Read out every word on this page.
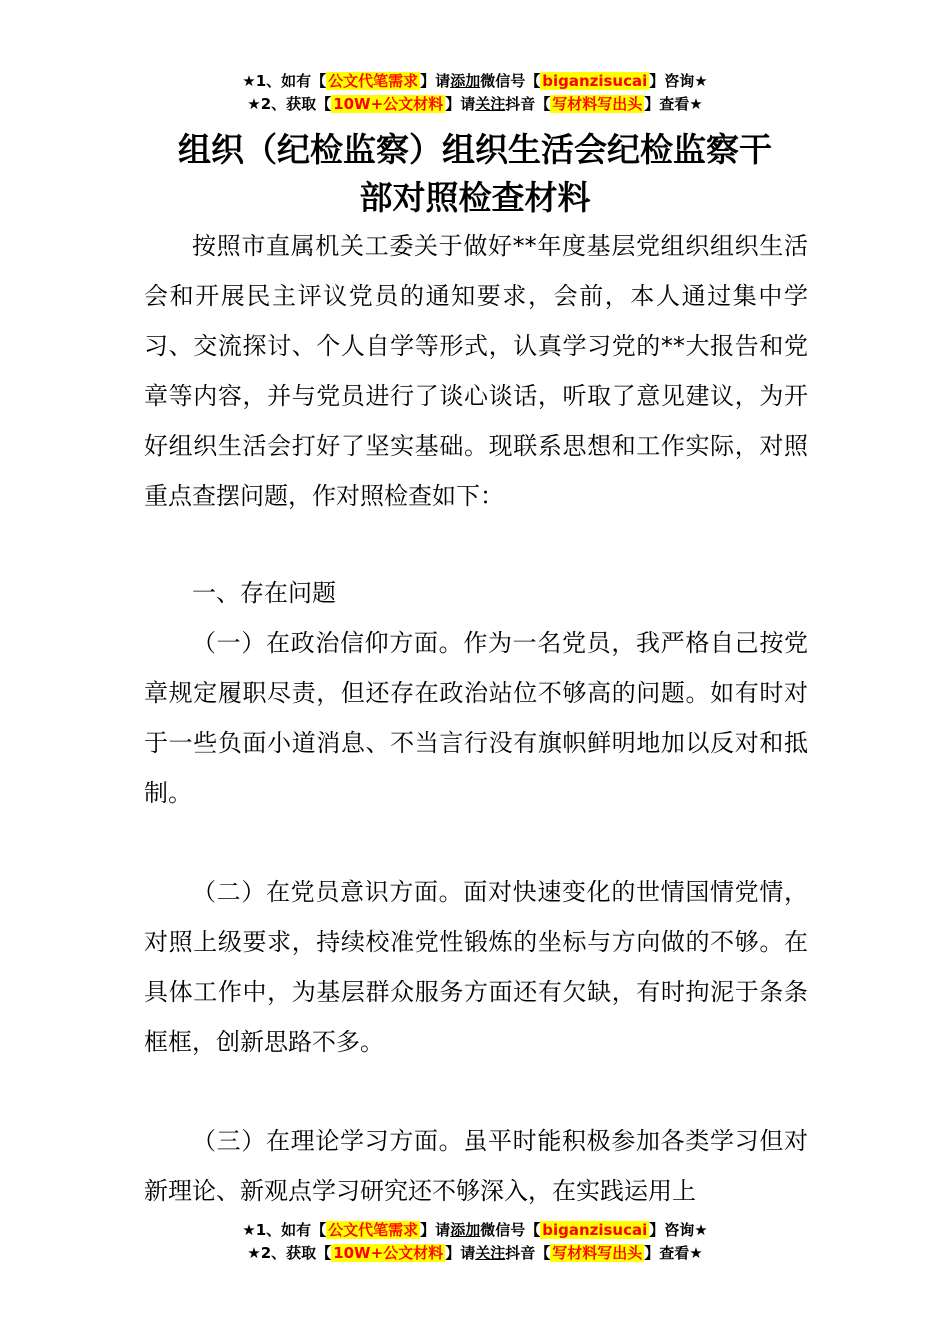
★1、如有【 公文代笔需求 】请添加微信号【 biganzisucai 】咨询★
★2、获取【 10W+公文材料 】请关注抖音【 写材料写出头 】查看★
组织（纪检监察）组织生活会纪检监察干
部对照检查材料

按照市直属机关工委关于做好**年度基层党组织组织生活会和开展民主评议党员的通知要求，会前，本人通过集中学习、交流探讨、个人自学等形式，认真学习党的**大报告和党章等内容，并与党员进行了谈心谈话，听取了意见建议，为开好组织生活会打好了坚实基础。现联系思想和工作实际，对照重点查摆问题，作对照检查如下：

一、存在问题

（一）在政治信仰方面。作为一名党员，我严格自己按党章规定履职尽责，但还存在政治站位不够高的问题。如有时对于一些负面小道消息、不当言行没有旗帜鲜明地加以反对和抵制。

（二）在党员意识方面。面对快速变化的世情国情党情，对照上级要求，持续校准党性锻炼的坐标与方向做的不够。在具体工作中，为基层群众服务方面还有欠缺，有时拘泥于条条框框，创新思路不多。

（三）在理论学习方面。虽平时能积极参加各类学习但对新理论、新观点学习研究还不够深入，在实践运用上

★1、如有【 公文代笔需求 】请添加微信号【 biganzisucai 】咨询★
★2、获取【 10W+公文材料 】请关注抖音【 写材料写出头 】查看★
